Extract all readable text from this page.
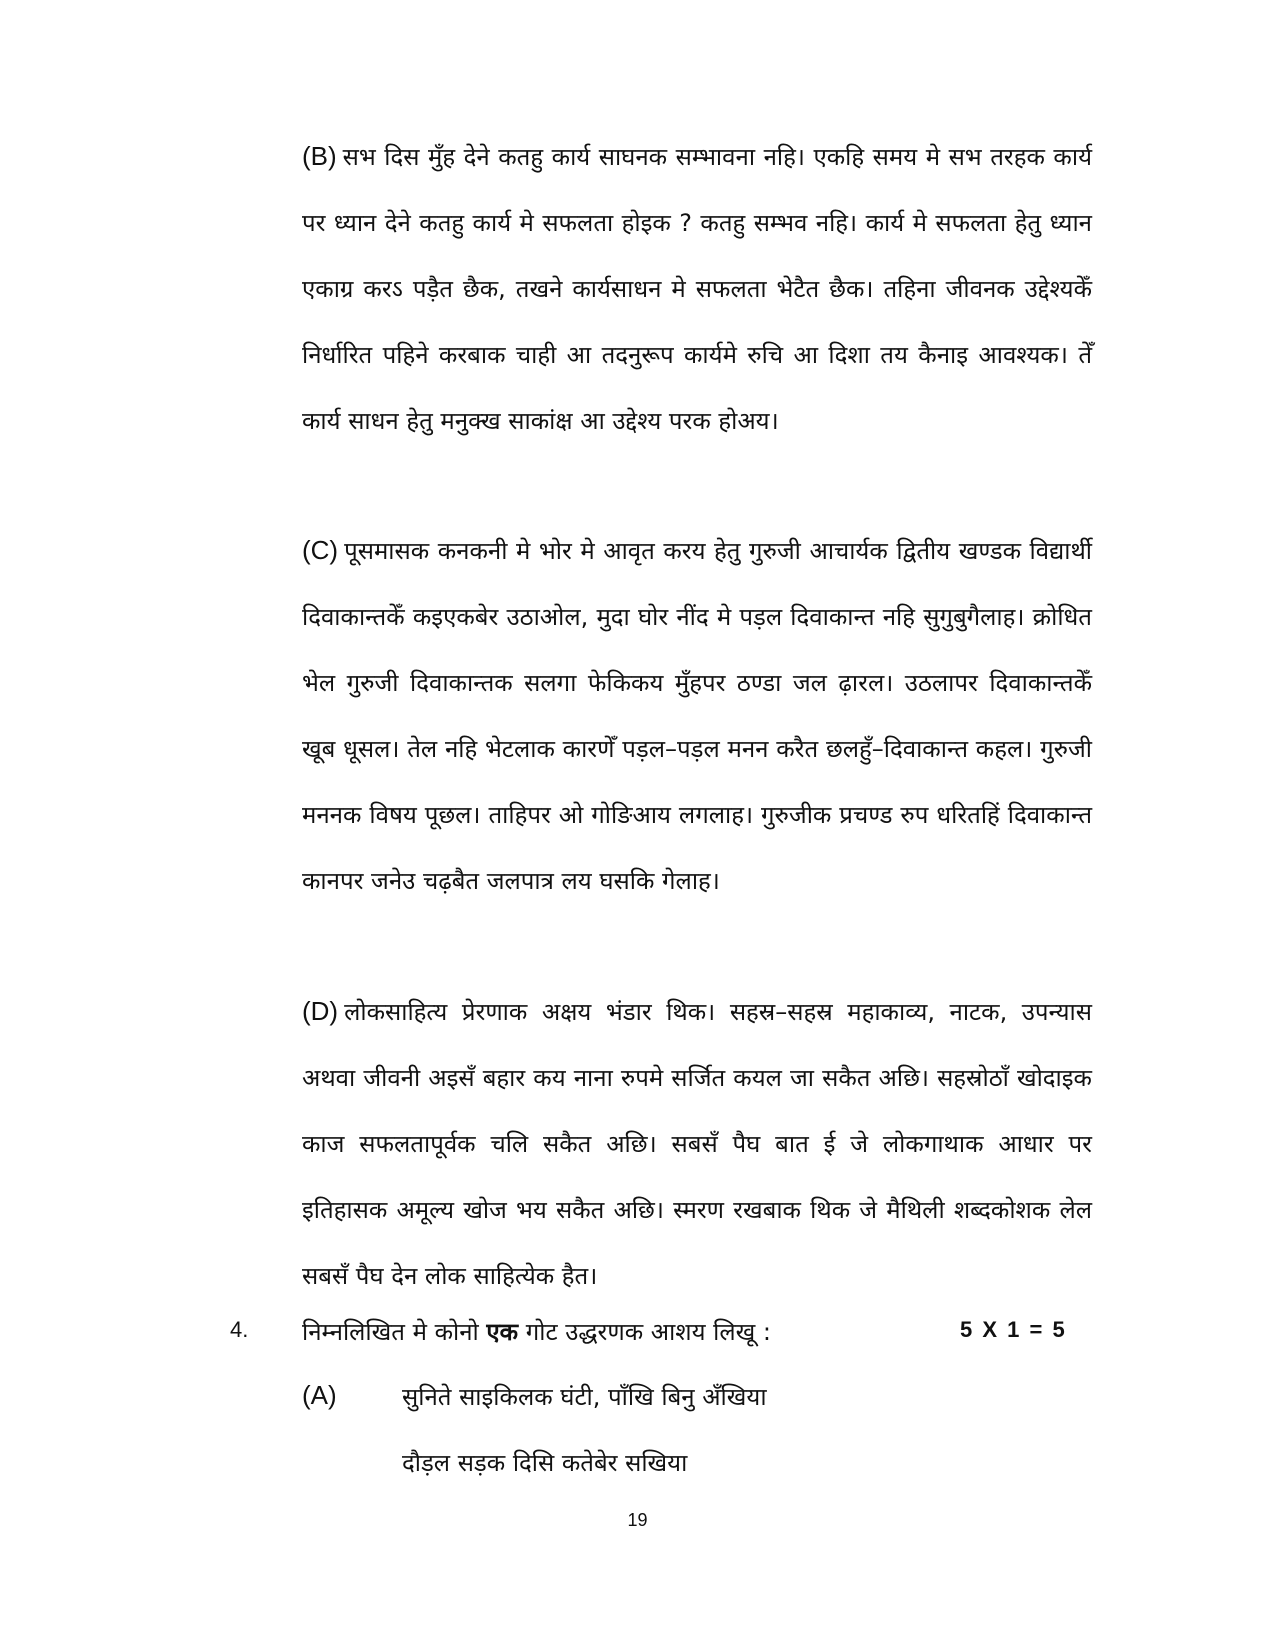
(B) सभ दिस मुँह देने कतहु कार्य साघनक सम्भावना नहि। एकहि समय मे सभ तरहक कार्य पर ध्यान देने कतहु कार्य मे सफलता होइक ? कतहु सम्भव नहि। कार्य मे सफलता हेतु ध्यान एकाग्र करऽ पड़ैत छैक, तखने कार्यसाधन मे सफलता भेटैत छैक। तहिना जीवनक उद्देश्यकेँ निर्धारित पहिने करबाक चाही आ तदनुरूप कार्यमे रुचि आ दिशा तय कैनाइ आवश्यक। तेँ कार्य साधन हेतु मनुक्ख साकांक्ष आ उद्देश्य परक होअय।

(C) पूसमासक कनकनी मे भोर मे आवृत करय हेतु गुरुजी आचार्यक द्वितीय खण्डक विद्यार्थी दिवाकान्तकेँ कइएकबेर उठाओल, मुदा घोर नींद मे पड़ल दिवाकान्त नहि सुगुबुगैलाह। क्रोधित भेल गुरुजी दिवाकान्तक सलगा फेकिकय मुँहपर ठण्डा जल ढ़ारल। उठलापर दिवाकान्तकेँ खूब धूसल। तेल नहि भेटलाक कारणेँ पड़ल–पड़ल मनन करैत छलहुँ–दिवाकान्त कहल। गुरुजी मननक विषय पूछल। ताहिपर ओ गोङिआय लगलाह। गुरुजीक प्रचण्ड रुप धरितहिं दिवाकान्त कानपर जनेउ चढ़बैत जलपात्र लय घसकि गेलाह।

(D) लोकसाहित्य प्रेरणाक अक्षय भंडार थिक। सहस्र–सहस्र महाकाव्य, नाटक, उपन्यास अथवा जीवनी अइसँ बहार कय नाना रुपमे सर्जित कयल जा सकैत अछि। सहस्रोठाँ खोदाइक काज सफलतापूर्वक चलि सकैत अछि। सबसँ पैघ बात ई जे लोकगाथाक आधार पर इतिहासक अमूल्य खोज भय सकैत अछि। स्मरण रखबाक थिक जे मैथिली शब्दकोशक लेल सबसँ पैघ देन लोक साहित्येक हैत।

4. निम्नलिखित मे कोनो एक गोट उद्धरणक आशय लिखू :	5 X 1 = 5
(A)	सुनिते साइकिलक घंटी, पाँखि बिनु अँखिया
दौड़ल सड़क दिसि कतेबेर सखिया
19
